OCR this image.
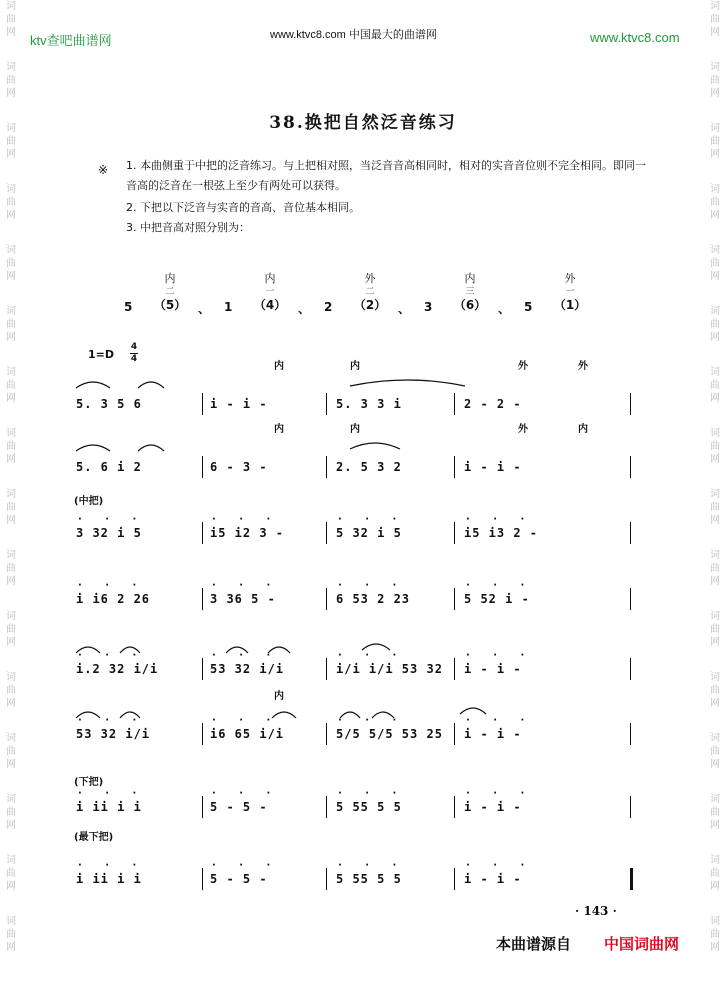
ktv查吧曲谱网	www.ktvc8.com 中国最大的曲谱网	www.ktvc8.com
词
曲
网
词
曲
网
词
曲
网
词
曲
网
词
曲
网
词
曲
网
词
曲
网
词
曲
网
词
曲
网
词
曲
网
词
曲
网
词
曲
网
词
曲
网
词
曲
网
词
曲
网
词
曲
网
词
曲
网
词
曲
网
词
曲
网
词
曲
网
词
曲
网
词
曲
网
词
曲
网
词
曲
网
词
曲
网
词
曲
网
词
曲
网
词
曲
网
词
曲
网
词
曲
网
词
曲
网
词
曲
网
38.换把自然泛音练习
※ 1. 本曲侧重于中把的泛音练习。与上把相对照，当泛音音高相同时，相对的实音音位则不完全相同。即同一音高的泛音在一根弦上至少有两处可以获得。
2. 下把以下泛音与实音的音高、音位基本相同。
3. 中把音高对照分别为：
内
二
（5）
5	、
内
一
（4）
1	、
外
二
（2）
2	、
内
三
（6）
3	、
外
一
（1）
5
1=D
4
4
(中把)
(下把)
(最下把)
5. 3 5 6	i - i -	5. 3 3 i	2 - 2 -
内	内	外	外
5. 6 i 2	6 - 3 -	2. 5 3 2	i - i -
内	内	外	内
3 32 i 5
· · ·
i5 i2 3 -
· · ·
5 32 i 5
· · ·
i5 i3 2 -
· · ·
i i6 2 26
· · ·
3 36 5 -
· · ·
6 53 2 23
· · ·
5 52 i -
· · ·
i.2 32 i/i
· · ·
53 32 i/i
· · ·
i/i i/i 53 32
· · ·
i - i -
· · ·
53 32 i/i
· · ·
i6 65 i/i
· · ·
5/5 5/5 53 25
· · ·
i - i -
· · ·
内
i ii i i
· · ·
5 - 5 -
· · ·
5 55 5 5
· · ·
i - i -
· · ·
i ii i i
· · ·
5 - 5 -
· · ·
5 55 5 5
· · ·
i - i -
· · ·
· 143 ·
本曲谱源自 中国词曲网
